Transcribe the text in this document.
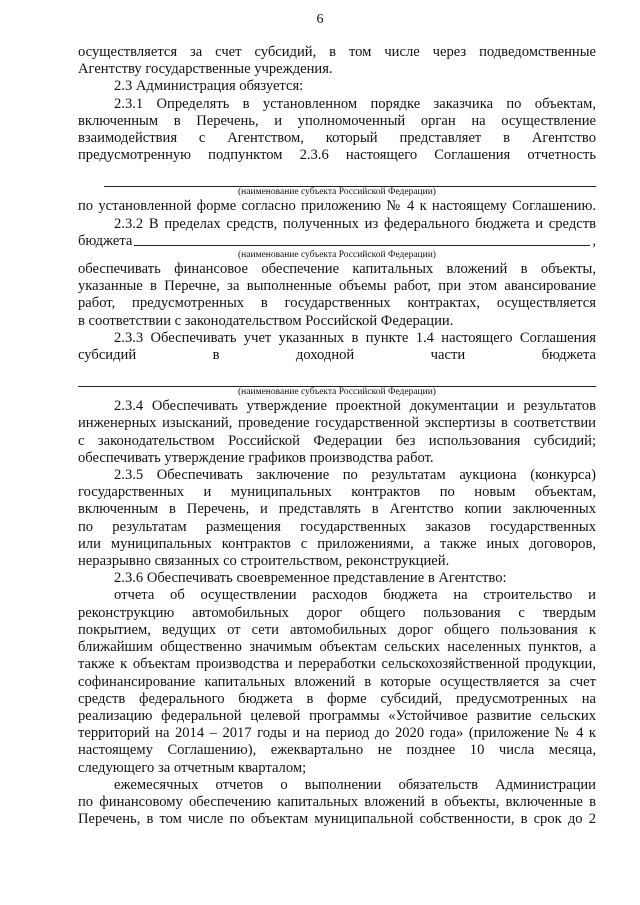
6
осуществляется за счет субсидий, в том числе через подведомственные
Агентству государственные учреждения.
2.3 Администрация обязуется:
2.3.1 Определять в установленном порядке заказчика по объектам,
включенным в Перечень, и уполномоченный орган на осуществление
взаимодействия с Агентством, который представляет в Агентство
предусмотренную подпунктом 2.3.6 настоящего Соглашения отчетность
(наименование субъекта Российской Федерации)
по установленной форме согласно приложению № 4 к настоящему Соглашению.
2.3.2 В пределах средств, полученных из федерального бюджета и средств
бюджета	,
(наименование субъекта Российской Федерации)
обеспечивать финансовое обеспечение капитальных вложений в объекты,
указанные в Перечне, за выполненные объемы работ, при этом авансирование
работ, предусмотренных в государственных контрактах, осуществляется
в соответствии с законодательством Российской Федерации.
2.3.3 Обеспечивать учет указанных в пункте 1.4 настоящего Соглашения
субсидий в доходной части бюджета
(наименование субъекта Российской Федерации)
2.3.4 Обеспечивать утверждение проектной документации и результатов
инженерных изысканий, проведение государственной экспертизы в соответствии
с законодательством Российской Федерации без использования субсидий;
обеспечивать утверждение графиков производства работ.
2.3.5 Обеспечивать заключение по результатам аукциона (конкурса)
государственных и муниципальных контрактов по новым объектам,
включенным в Перечень, и представлять в Агентство копии заключенных
по результатам размещения государственных заказов государственных
или муниципальных контрактов с приложениями, а также иных договоров,
неразрывно связанных со строительством, реконструкцией.
2.3.6 Обеспечивать своевременное представление в Агентство:
отчета об осуществлении расходов бюджета на строительство и
реконструкцию автомобильных дорог общего пользования с твердым
покрытием, ведущих от сети автомобильных дорог общего пользования к
ближайшим общественно значимым объектам сельских населенных пунктов, а
также к объектам производства и переработки сельскохозяйственной продукции,
софинансирование капитальных вложений в которые осуществляется за счет
средств федерального бюджета в форме субсидий, предусмотренных на
реализацию федеральной целевой программы «Устойчивое развитие сельских
территорий на 2014 – 2017 годы и на период до 2020 года» (приложение № 4 к
настоящему Соглашению), ежеквартально не позднее 10 числа месяца,
следующего за отчетным кварталом;
ежемесячных отчетов о выполнении обязательств Администрации
по финансовому обеспечению капитальных вложений в объекты, включенные в
Перечень, в том числе по объектам муниципальной собственности, в срок до 2
